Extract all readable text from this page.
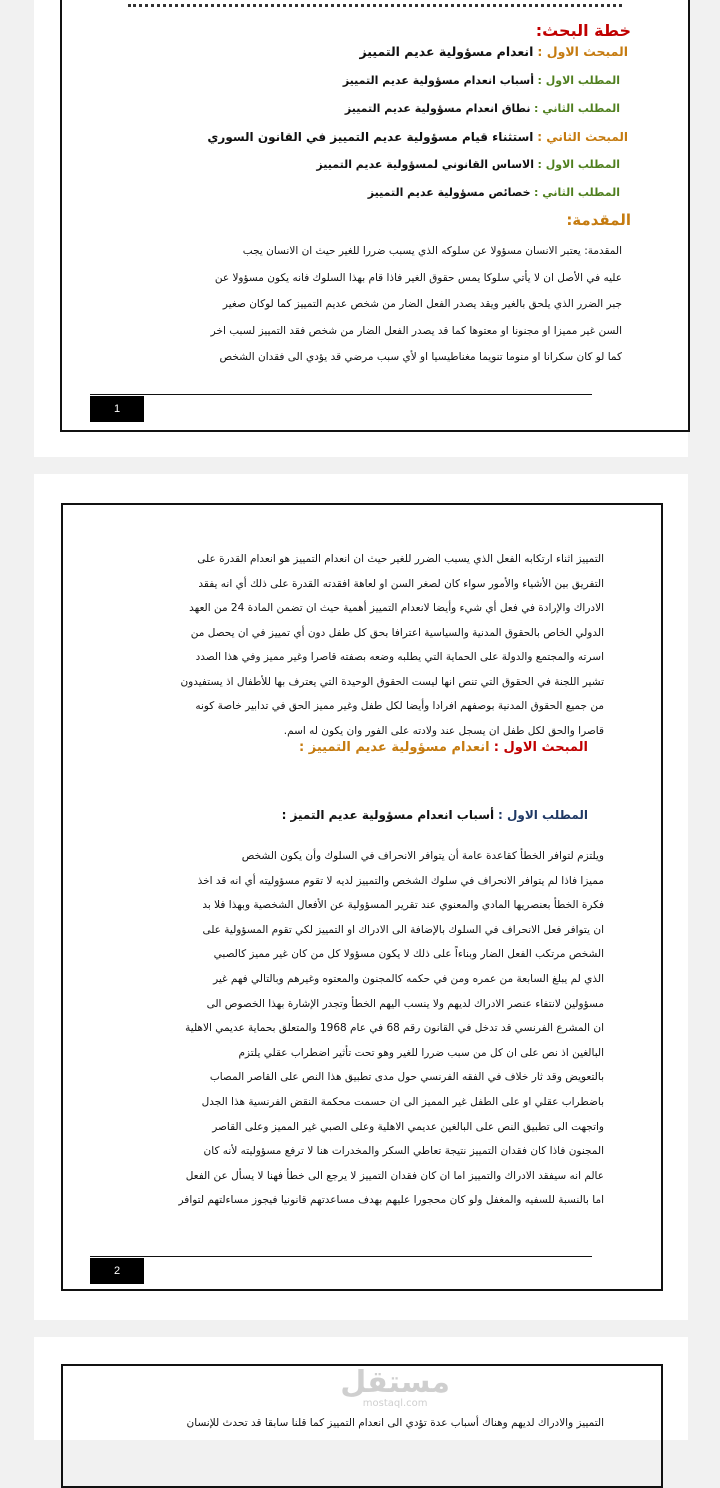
خطة البحث:
المبحث الاول : انعدام مسؤولية عديم التمييز
المطلب الاول : أسباب انعدام مسؤولية عديم التمييز
المطلب الثاني : نطاق انعدام مسؤولية عديم التمييز
المبحث الثاني : استثناء قيام مسؤولية عديم التمييز في القانون السوري
المطلب الاول : الاساس القانوني لمسؤولية عديم التمييز
المطلب الثاني : خصائص مسؤولية عديم التمييز
المقدمة:
المقدمة: يعتبر الانسان مسؤولا عن سلوكه الذي يسبب ضررا للغير حيث ان الانسان يجب
عليه في الأصل ان لا يأتي سلوكا يمس حقوق الغير فاذا قام بهذا السلوك فانه يكون مسؤولا عن
جبر الضرر الذي يلحق بالغير ويقد يصدر الفعل الضار من شخص عديم التمييز كما لوكان صغير
السن غير مميزا او مجنونا او معتوها كما قد يصدر الفعل الضار من شخص فقد التمييز لسبب اخر
كما لو كان سكرانا او منوما تنويما مغناطيسيا او لأي سبب مرضي قد يؤدي الى فقدان الشخص
1
التمييز اثناء ارتكابه الفعل الذي يسبب الضرر للغير حيث ان انعدام التمييز هو انعدام القدرة على
التفريق بين الأشياء والأمور سواء كان لصغر السن او لعاهة افقدته القدرة على ذلك أي انه يفقد
الادراك والإرادة في فعل أي شيء وأيضا لانعدام التمييز أهمية حيث ان تضمن المادة 24 من العهد
الدولي الخاص بالحقوق المدنية والسياسية اعترافا بحق كل طفل دون أي تمييز في ان يحصل من
اسرته والمجتمع والدولة على الحماية التي يطلبه وضعه بصفته قاصرا وغير مميز وفي هذا الصدد
تشير اللجنة في الحقوق التي تنص انها ليست الحقوق الوحيدة التي يعترف بها للأطفال اذ يستفيدون
من جميع الحقوق المدنية بوصفهم افرادا وأيضا لكل طفل وغير مميز الحق في تدابير خاصة كونه
قاصرا والحق لكل طفل ان يسجل عند ولادته على الفور وان يكون له اسم.
المبحث الاول : انعدام مسؤولية عديم التمييز :
المطلب الاول : أسباب انعدام مسؤولية عديم التميز :
ويلتزم لتوافر الخطأ كقاعدة عامة أن يتوافر الانحراف في السلوك وأن يكون الشخص
مميزا فاذا لم يتوافر الانحراف في سلوك الشخص والتمييز لديه لا تقوم مسؤوليته أي انه قد اخذ
فكرة الخطأ بعنصريها المادي والمعنوي عند تقرير المسؤولية عن الأفعال الشخصية وبهذا فلا بد
ان يتوافر فعل الانحراف في السلوك بالإضافة الى الادراك او التمييز لكي تقوم المسؤولية على
الشخص مرتكب الفعل الضار وبناءاً على ذلك لا يكون مسؤولا كل من كان غير مميز كالصبي
الذي لم يبلغ السابعة من عمره ومن في حكمه كالمجنون والمعتوه وغيرهم وبالتالي فهم غير
مسؤولين لانتفاء عنصر الادراك لديهم ولا ينسب اليهم الخطأ وتجدر الإشارة بهذا الخصوص الى
ان المشرع الفرنسي قد تدخل في القانون رقم 68 في عام 1968 والمتعلق بحماية عديمي الاهلية
البالغين اذ نص على ان كل من سبب ضررا للغير وهو تحت تأثير اضطراب عقلي يلتزم
بالتعويض وقد ثار خلاف في الفقه الفرنسي حول مدى تطبيق هذا النص على القاصر المصاب
باضطراب عقلي او على الطفل غير المميز الى ان حسمت محكمة النقض الفرنسية هذا الجدل
واتجهت الى تطبيق النص على البالغين عديمي الاهلية وعلى الصبي غير المميز وعلى القاصر
المجنون فاذا كان فقدان التمييز نتيجة تعاطي السكر والمخدرات هنا لا ترفع مسؤوليته لأنه كان
عالم انه سيفقد الادراك والتمييز اما ان كان فقدان التمييز لا يرجع الى خطأ فهنا لا يسأل عن الفعل
اما بالنسبة للسفيه والمغفل ولو كان محجورا عليهم بهدف مساعدتهم قانونيا فيجوز مساءلتهم لتوافر
2
التمييز والادراك لديهم وهناك أسباب عدة تؤدي الى انعدام التمييز كما قلنا سابقا قد تحدث للإنسان
مستقل
mostaql.com
